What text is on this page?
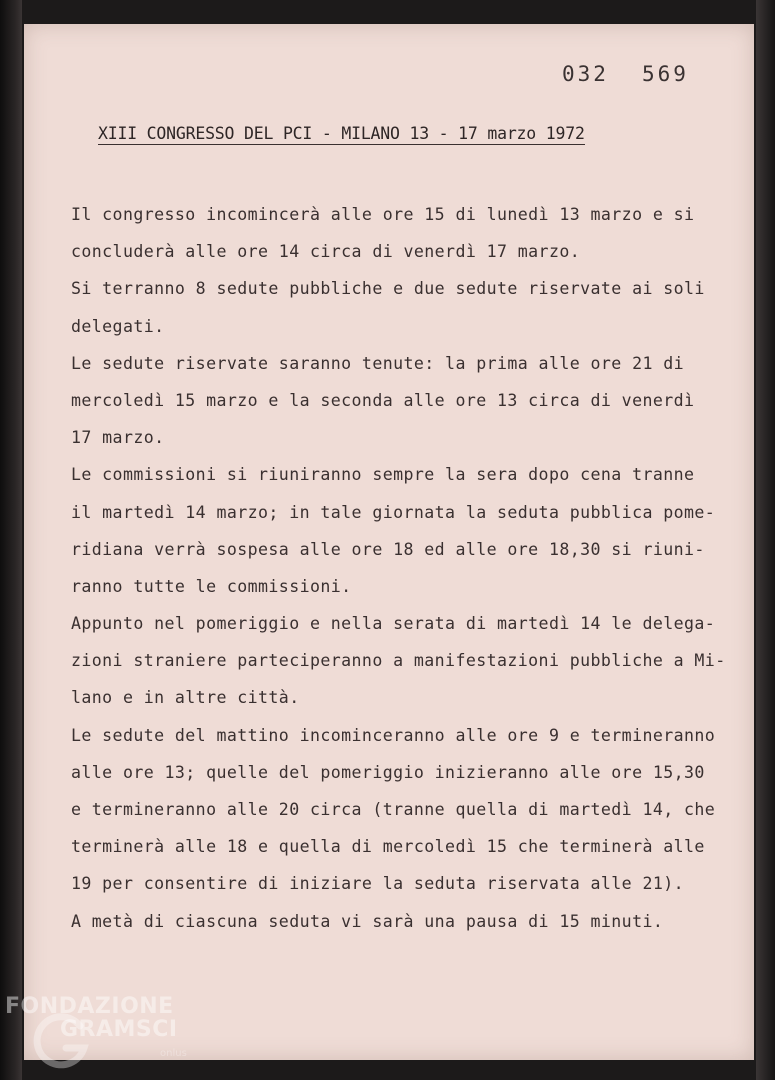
032 569
XIII CONGRESSO DEL PCI - MILANO 13 - 17 marzo 1972
Il congresso incomincerà alle ore 15 di lunedì 13 marzo e si
concluderà alle ore 14 circa di venerdì 17 marzo.
Si terranno 8 sedute pubbliche e due sedute riservate ai soli
delegati.
Le sedute riservate saranno tenute: la prima alle ore 21 di
mercoledì 15 marzo e la seconda alle ore 13 circa di venerdì
17 marzo.
Le commissioni si riuniranno sempre la sera dopo cena tranne
il martedì 14 marzo; in tale giornata la seduta pubblica pome-
ridiana verrà sospesa alle ore 18 ed alle ore 18,30 si riuni-
ranno tutte le commissioni.
Appunto nel pomeriggio e nella serata di martedì 14 le delega-
zioni straniere parteciperanno a manifestazioni pubbliche a Mi-
lano e in altre città.
Le sedute del mattino incominceranno alle ore 9 e termineranno
alle ore 13; quelle del pomeriggio inizieranno alle ore 15,30
e termineranno alle 20 circa (tranne quella di martedì 14, che
terminerà alle 18 e quella di mercoledì 15 che terminerà alle
19 per consentire di iniziare la seduta riservata alle 21).
A metà di ciascuna seduta vi sarà una pausa di 15 minuti.
FONDAZIONE
GRAMSCI
onlus
